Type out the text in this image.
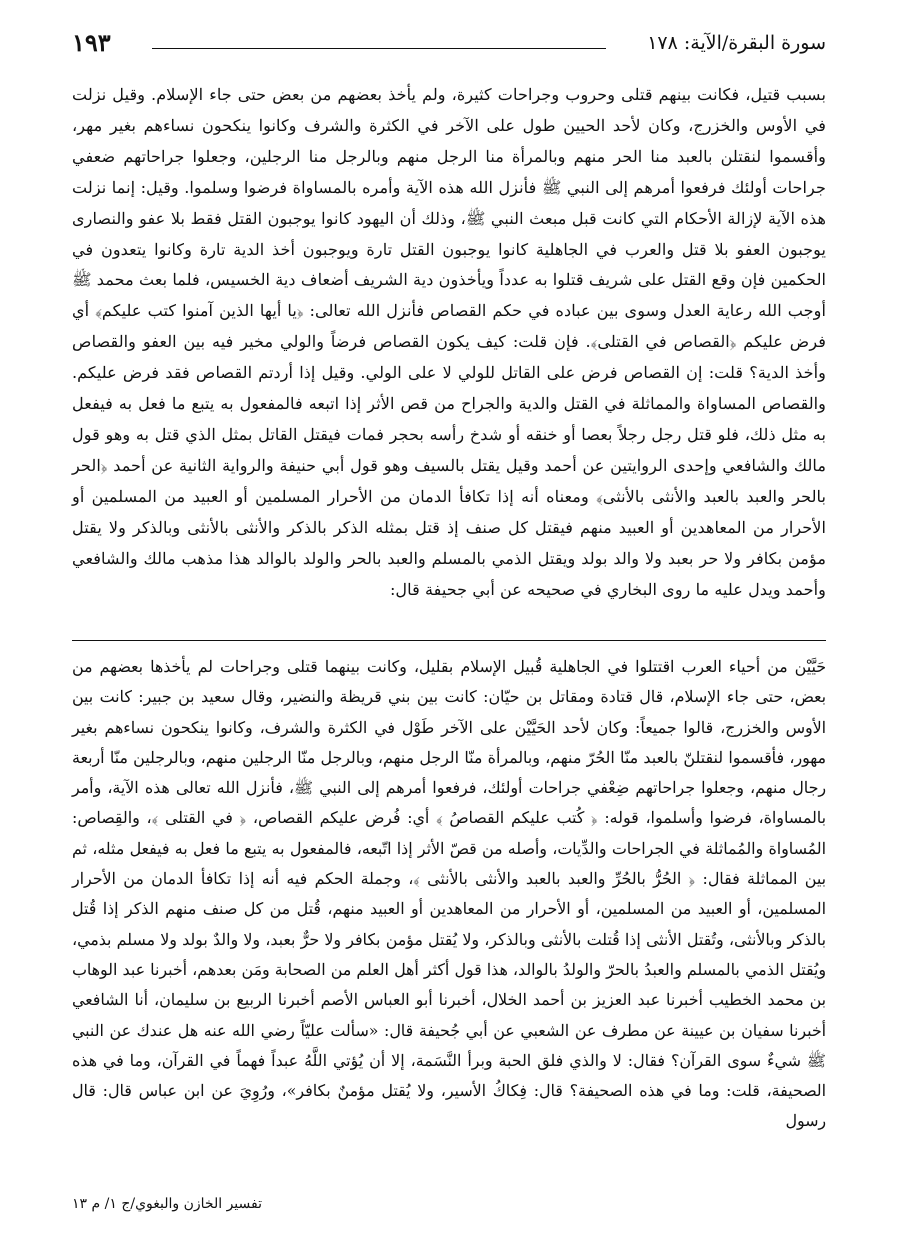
سورة البقرة/الآية: ١٧٨
١٩٣

بسبب قتيل، فكانت بينهم قتلى وحروب وجراحات كثيرة، ولم يأخذ بعضهم من بعض حتى جاء الإسلام. وقيل نزلت في الأوس والخزرج، وكان لأحد الحيين طول على الآخر في الكثرة والشرف وكانوا ينكحون نساءهم بغير مهر، وأقسموا لنقتلن بالعبد منا الحر منهم وبالمرأة منا الرجل منهم وبالرجل منا الرجلين، وجعلوا جراحاتهم ضعفي جراحات أولئك فرفعوا أمرهم إلى النبي ﷺ فأنزل الله هذه الآية وأمره بالمساواة فرضوا وسلموا. وقيل: إنما نزلت هذه الآية لإزالة الأحكام التي كانت قبل مبعث النبي ﷺ، وذلك أن اليهود كانوا يوجبون القتل فقط بلا عفو والنصارى يوجبون العفو بلا قتل والعرب في الجاهلية كانوا يوجبون القتل تارة ويوجبون أخذ الدية تارة وكانوا يتعدون في الحكمين فإن وقع القتل على شريف قتلوا به عدداً ويأخذون دية الشريف أضعاف دية الخسيس، فلما بعث محمد ﷺ أوجب الله رعاية العدل وسوى بين عباده في حكم القصاص فأنزل الله تعالى: ﴿يا أيها الذين آمنوا كتب عليكم﴾ أي فرض عليكم ﴿القصاص في القتلى﴾. فإن قلت: كيف يكون القصاص فرضاً والولي مخير فيه بين العفو والقصاص وأخذ الدية؟ قلت: إن القصاص فرض على القاتل للولي لا على الولي. وقيل إذا أردتم القصاص فقد فرض عليكم. والقصاص المساواة والمماثلة في القتل والدية والجراح من قص الأثر إذا اتبعه فالمفعول به يتبع ما فعل به فيفعل به مثل ذلك، فلو قتل رجل رجلاً بعصا أو خنقه أو شدخ رأسه بحجر فمات فيقتل القاتل بمثل الذي قتل به وهو قول مالك والشافعي وإحدى الروايتين عن أحمد وقيل يقتل بالسيف وهو قول أبي حنيفة والرواية الثانية عن أحمد ﴿الحر بالحر والعبد بالعبد والأنثى بالأنثى﴾ ومعناه أنه إذا تكافأ الدمان من الأحرار المسلمين أو العبيد من المسلمين أو الأحرار من المعاهدين أو العبيد منهم فيقتل كل صنف إذ قتل بمثله الذكر بالذكر والأنثى بالأنثى وبالذكر ولا يقتل مؤمن بكافر ولا حر بعبد ولا والد بولد ويقتل الذمي بالمسلم والعبد بالحر والولد بالوالد هذا مذهب مالك والشافعي وأحمد ويدل عليه ما روى البخاري في صحيحه عن أبي جحيفة قال:

حَيَّيْن من أحياء العرب اقتتلوا في الجاهلية قُبيل الإسلام بقليل، وكانت بينهما قتلى وجراحات لم يأخذها بعضهم من بعض، حتى جاء الإسلام، قال قتادة ومقاتل بن حيّان: كانت بين بني قريظة والنضير، وقال سعيد بن جبير: كانت بين الأوس والخزرج، قالوا جميعاً: وكان لأحد الحَيَّيْن على الآخر طَوْل في الكثرة والشرف، وكانوا ينكحون نساءهم بغير مهور، فأقسموا لنقتلنّ بالعبد منّا الحُرّ منهم، وبالمرأة منّا الرجل منهم، وبالرجل منّا الرجلين منهم، وبالرجلين منّا أربعة رجال منهم، وجعلوا جراحاتهم ضِعْفي جراحات أولئك، فرفعوا أمرهم إلى النبي ﷺ، فأنزل الله تعالى هذه الآية، وأمر بالمساواة، فرضوا وأسلموا، قوله: ﴿ كُتب عليكم القصاصُ ﴾ أي: فُرض عليكم القصاص، ﴿ في القتلى ﴾، والقِصاص: المُساواة والمُماثلة في الجراحات والدِّيات، وأصله من قصّ الأثر إذا اتّبعه، فالمفعول به يتبع ما فعل به فيفعل مثله، ثم بين المماثلة فقال: ﴿ الحُرُّ بالحُرِّ والعبد بالعبد والأنثى بالأنثى ﴾، وجملة الحكم فيه أنه إذا تكافأ الدمان من الأحرار المسلمين، أو العبيد من المسلمين، أو الأحرار من المعاهدين أو العبيد منهم، قُتل من كل صنف منهم الذكر إذا قُتل بالذكر وبالأنثى، وتُقتل الأنثى إذا قُتلت بالأنثى وبالذكر، ولا يُقتل مؤمن بكافر ولا حرٌّ بعبد، ولا والدٌ بولد ولا مسلم بذمي، ويُقتل الذمي بالمسلم والعبدُ بالحرّ والولدُ بالوالد، هذا قول أكثر أهل العلم من الصحابة ومَن بعدهم، أخبرنا عبد الوهاب بن محمد الخطيب أخبرنا عبد العزيز بن أحمد الخلال، أخبرنا أبو العباس الأصم أخبرنا الربيع بن سليمان، أنا الشافعي أخبرنا سفيان بن عيينة عن مطرف عن الشعبي عن أبي جُحيفة قال: «سألت عليّاً رضي الله عنه هل عندك عن النبي ﷺ شيءٌ سوى القرآن؟ فقال: لا والذي فلق الحبة وبرأ النَّسَمة، إلا أن يُؤتي اللَّهُ عبداً فهماً في القرآن، وما في هذه الصحيفة، قلت: وما في هذه الصحيفة؟ قال: فِكاكُ الأسير، ولا يُقتل مؤمنٌ بكافر»، ورُوِيَ عن ابن عباس قال: قال رسول

تفسير الخازن والبغوي/ج ١/ م ١٣
